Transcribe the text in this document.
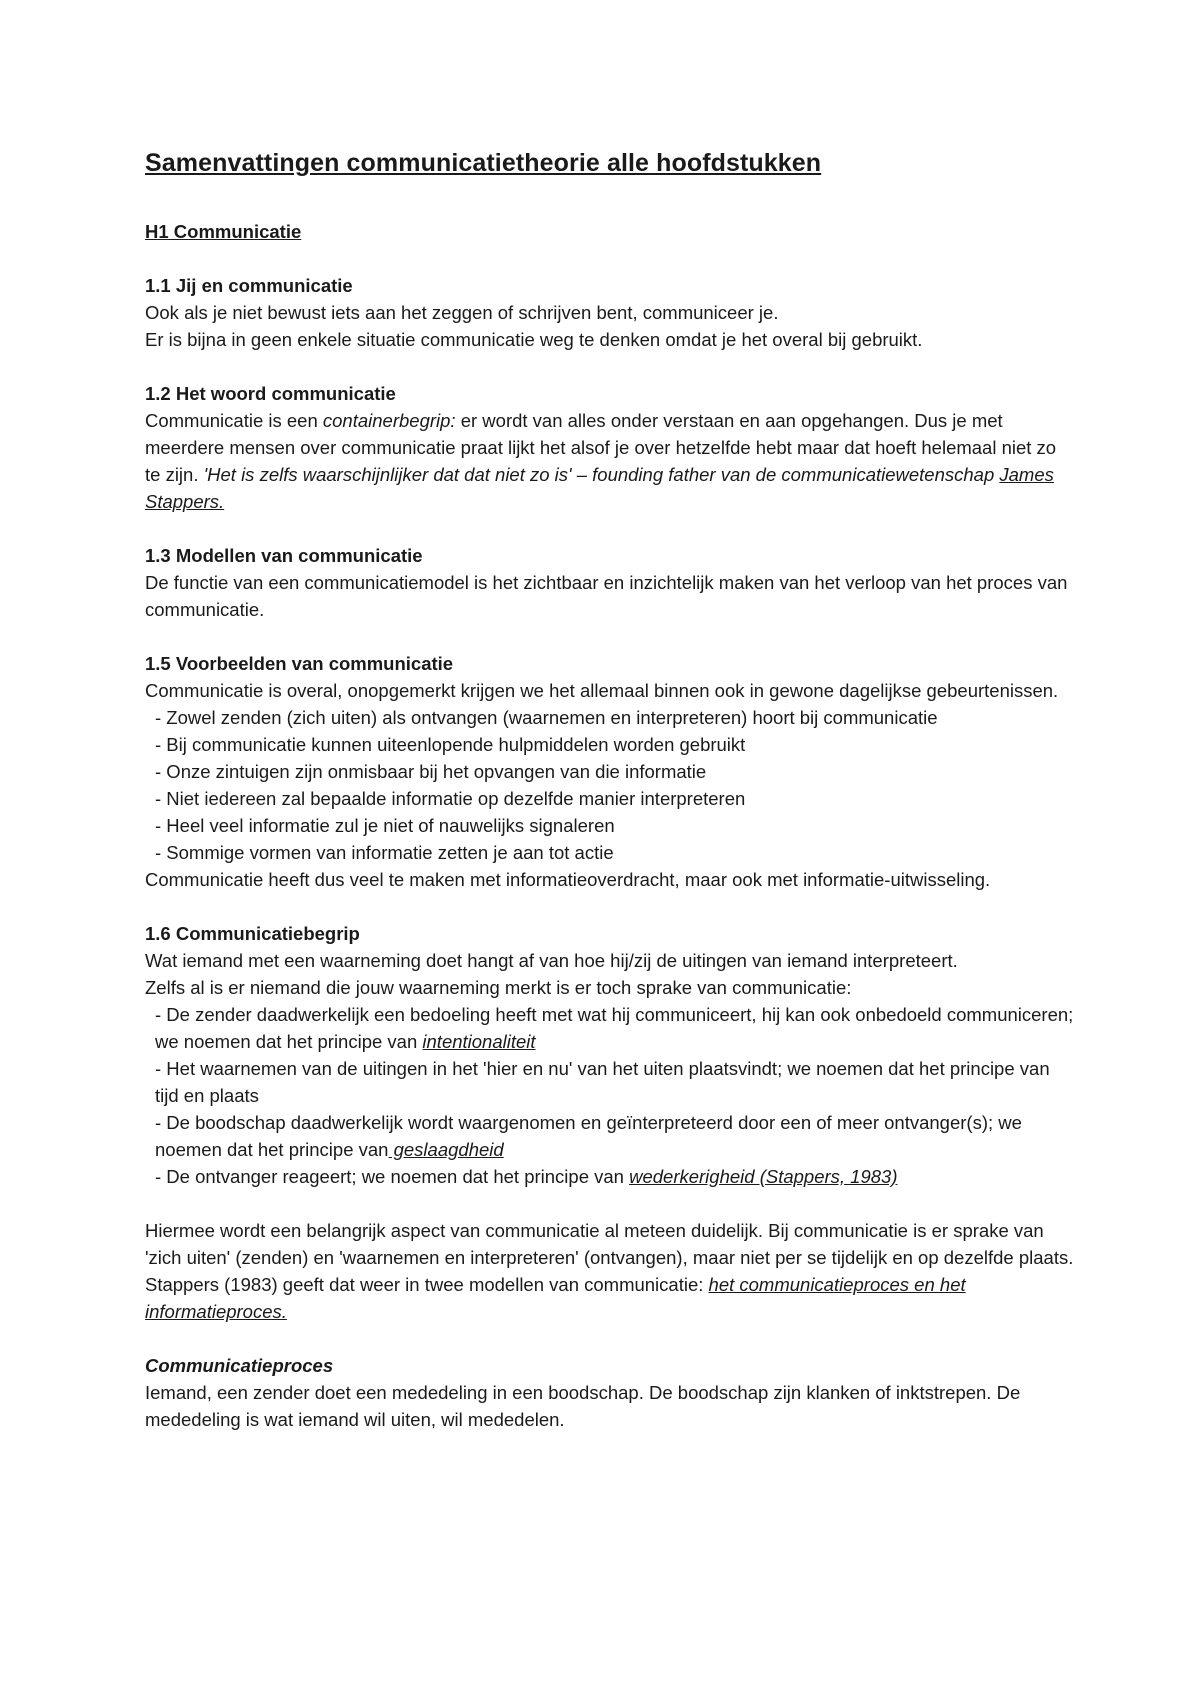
Samenvattingen communicatietheorie alle hoofdstukken
H1 Communicatie
1.1 Jij en communicatie

Ook als je niet bewust iets aan het zeggen of schrijven bent, communiceer je.

Er is bijna in geen enkele situatie communicatie weg te denken omdat je het overal bij gebruikt.

1.2 Het woord communicatie

Communicatie is een containerbegrip: er wordt van alles onder verstaan en aan opgehangen. Dus je met meerdere mensen over communicatie praat lijkt het alsof je over hetzelfde hebt maar dat hoeft helemaal niet zo te zijn. 'Het is zelfs waarschijnlijker dat dat niet zo is' – founding father van de communicatiewetenschap James Stappers.

1.3 Modellen van communicatie

De functie van een communicatiemodel is het zichtbaar en inzichtelijk maken van het verloop van het proces van communicatie.

1.5 Voorbeelden van communicatie

Communicatie is overal, onopgemerkt krijgen we het allemaal binnen ook in gewone dagelijkse gebeurtenissen.

- Zowel zenden (zich uiten) als ontvangen (waarnemen en interpreteren) hoort bij communicatie

- Bij communicatie kunnen uiteenlopende hulpmiddelen worden gebruikt

- Onze zintuigen zijn onmisbaar bij het opvangen van die informatie

- Niet iedereen zal bepaalde informatie op dezelfde manier interpreteren

- Heel veel informatie zul je niet of nauwelijks signaleren

- Sommige vormen van informatie zetten je aan tot actie

Communicatie heeft dus veel te maken met informatieoverdracht, maar ook met informatie-uitwisseling.

1.6 Communicatiebegrip

Wat iemand met een waarneming doet hangt af van hoe hij/zij de uitingen van iemand interpreteert.

Zelfs al is er niemand die jouw waarneming merkt is er toch sprake van communicatie:

- De zender daadwerkelijk een bedoeling heeft met wat hij communiceert, hij kan ook onbedoeld communiceren; we noemen dat het principe van intentionaliteit

- Het waarnemen van de uitingen in het 'hier en nu' van het uiten plaatsvindt; we noemen dat het principe van tijd en plaats

- De boodschap daadwerkelijk wordt waargenomen en geïnterpreteerd door een of meer ontvanger(s); we noemen dat het principe van geslaagdheid

- De ontvanger reageert; we noemen dat het principe van wederkerigheid (Stappers, 1983)

Hiermee wordt een belangrijk aspect van communicatie al meteen duidelijk. Bij communicatie is er sprake van 'zich uiten' (zenden) en 'waarnemen en interpreteren' (ontvangen), maar niet per se tijdelijk en op dezelfde plaats. Stappers (1983) geeft dat weer in twee modellen van communicatie: het communicatieproces en het informatieproces.

Communicatieproces

Iemand, een zender doet een mededeling in een boodschap. De boodschap zijn klanken of inktstrepen. De mededeling is wat iemand wil uiten, wil mededelen.
